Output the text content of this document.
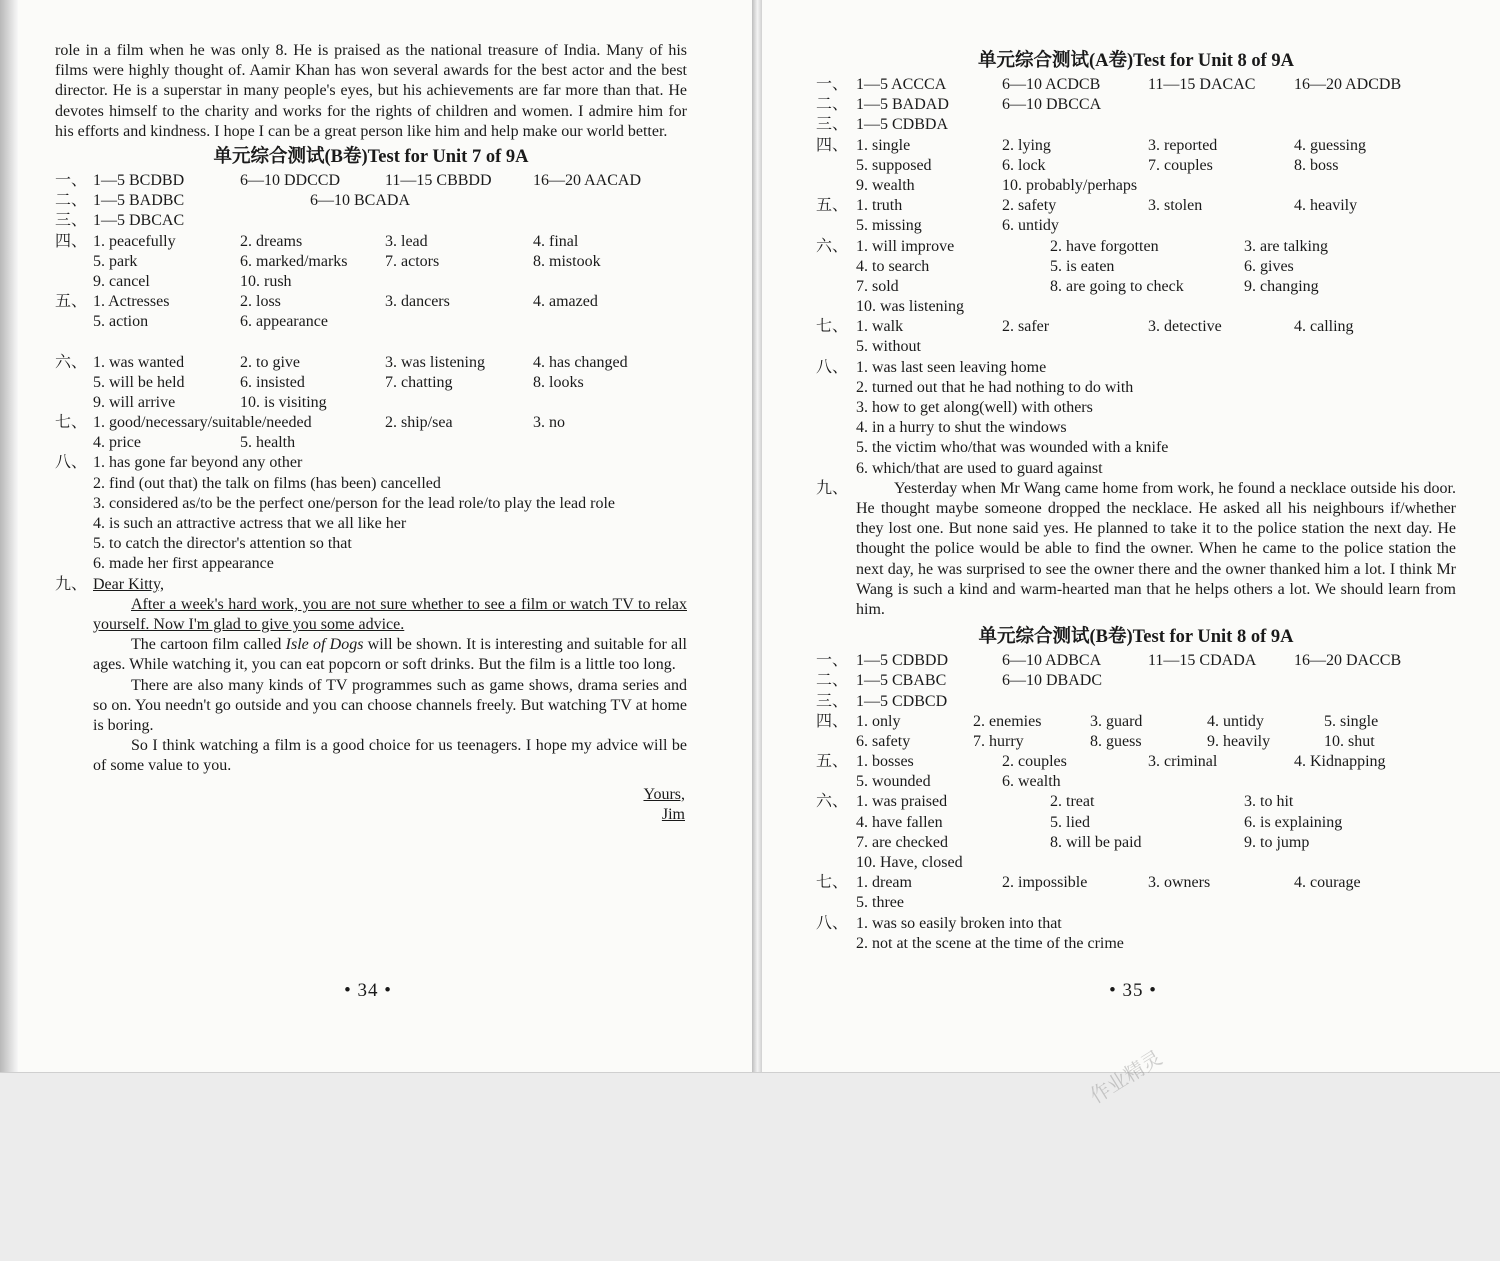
role in a film when he was only 8. He is praised as the national treasure of India. Many of his films were highly thought of. Aamir Khan has won several awards for the best actor and the best director. He is a superstar in many people's eyes, but his achievements are far more than that. He devotes himself to the charity and works for the rights of children and women. I admire him for his efforts and kindness. I hope I can be a great person like him and help make our world better.

单元综合测试(B卷)Test for Unit 7 of 9A
一、 1—5 BCDBD	6—10 DDCCD	11—15 CBBDD	16—20 AACAD
二、 1—5 BADBC	6—10 BCADA
三、 1—5 DBCAC
四、 1. peacefully	2. dreams	3. lead	4. final
5. park	6. marked/marks 7. actors	8. mistook
9. cancel	10. rush
五、 1. Actresses	2. loss	3. dancers	4. amazed
5. action	6. appearance
六、 1. was wanted	2. to give	3. was listening	4. has changed
5. will be held	6. insisted	7. chatting	8. looks
9. will arrive	10. is visiting
七、 1. good/necessary/suitable/needed	2. ship/sea	3. no
4. price	5. health
八、 1. has gone far beyond any other
2. find (out that) the talk on films (has been) cancelled
3. considered as/to be the perfect one/person for the lead role/to play the lead role
4. is such an attractive actress that we all like her
5. to catch the director's attention so that
6. made her first appearance
九、 Dear Kitty,

After a week's hard work, you are not sure whether to see a film or watch TV to relax yourself. Now I'm glad to give you some advice.

The cartoon film called Isle of Dogs will be shown. It is interesting and suitable for all ages. While watching it, you can eat popcorn or soft drinks. But the film is a little too long.

There are also many kinds of TV programmes such as game shows, drama series and so on. You needn't go outside and you can choose channels freely. But watching TV at home is boring.

So I think watching a film is a good choice for us teenagers. I hope my advice will be of some value to you.

Yours,
Jim
• 34 •
单元综合测试(A卷)Test for Unit 8 of 9A
一、 1—5 ACCCA	6—10 ACDCB	11—15 DACAC 16—20 ADCDB
二、 1—5 BADAD	6—10 DBCCA
三、 1—5 CDBDA
四、 1. single	2. lying	3. reported	4. guessing
5. supposed	6. lock	7. couples	8. boss
9. wealth	10. probably/perhaps
五、 1. truth	2. safety	3. stolen	4. heavily
5. missing	6. untidy
六、 1. will improve	2. have forgotten	3. are talking
4. to search	5. is eaten	6. gives
7. sold	8. are going to check	9. changing
10. was listening
七、 1. walk	2. safer	3. detective	4. calling
5. without
八、 1. was last seen leaving home
2. turned out that he had nothing to do with
3. how to get along(well) with others
4. in a hurry to shut the windows
5. the victim who/that was wounded with a knife
6. which/that are used to guard against
九、	Yesterday when Mr Wang came home from work, he found a necklace outside his door. He thought maybe someone dropped the necklace. He asked all his neighbours if/whether they lost one. But none said yes. He planned to take it to the police station the next day. He thought the police would be able to find the owner. When he came to the police station the next day, he was surprised to see the owner there and the owner thanked him a lot. I think Mr Wang is such a kind and warm-hearted man that he helps others a lot. We should learn from him.

单元综合测试(B卷)Test for Unit 8 of 9A
一、 1—5 CDBDD	6—10 ADBCA	11—15 CDADA 16—20 DACCB
二、 1—5 CBABC	6—10 DBADC
三、 1—5 CDBCD
四、 1. only	2. enemies	3. guard	4. untidy	5. single
6. safety	7. hurry	8. guess	9. heavily	10. shut
五、 1. bosses	2. couples	3. criminal	4. Kidnapping
5. wounded	6. wealth
六、 1. was praised	2. treat	3. to hit
4. have fallen	5. lied	6. is explaining
7. are checked	8. will be paid	9. to jump
10. Have, closed
七、 1. dream	2. impossible	3. owners	4. courage
5. three
八、 1. was so easily broken into that
2. not at the scene at the time of the crime
• 35 •
作业精灵
